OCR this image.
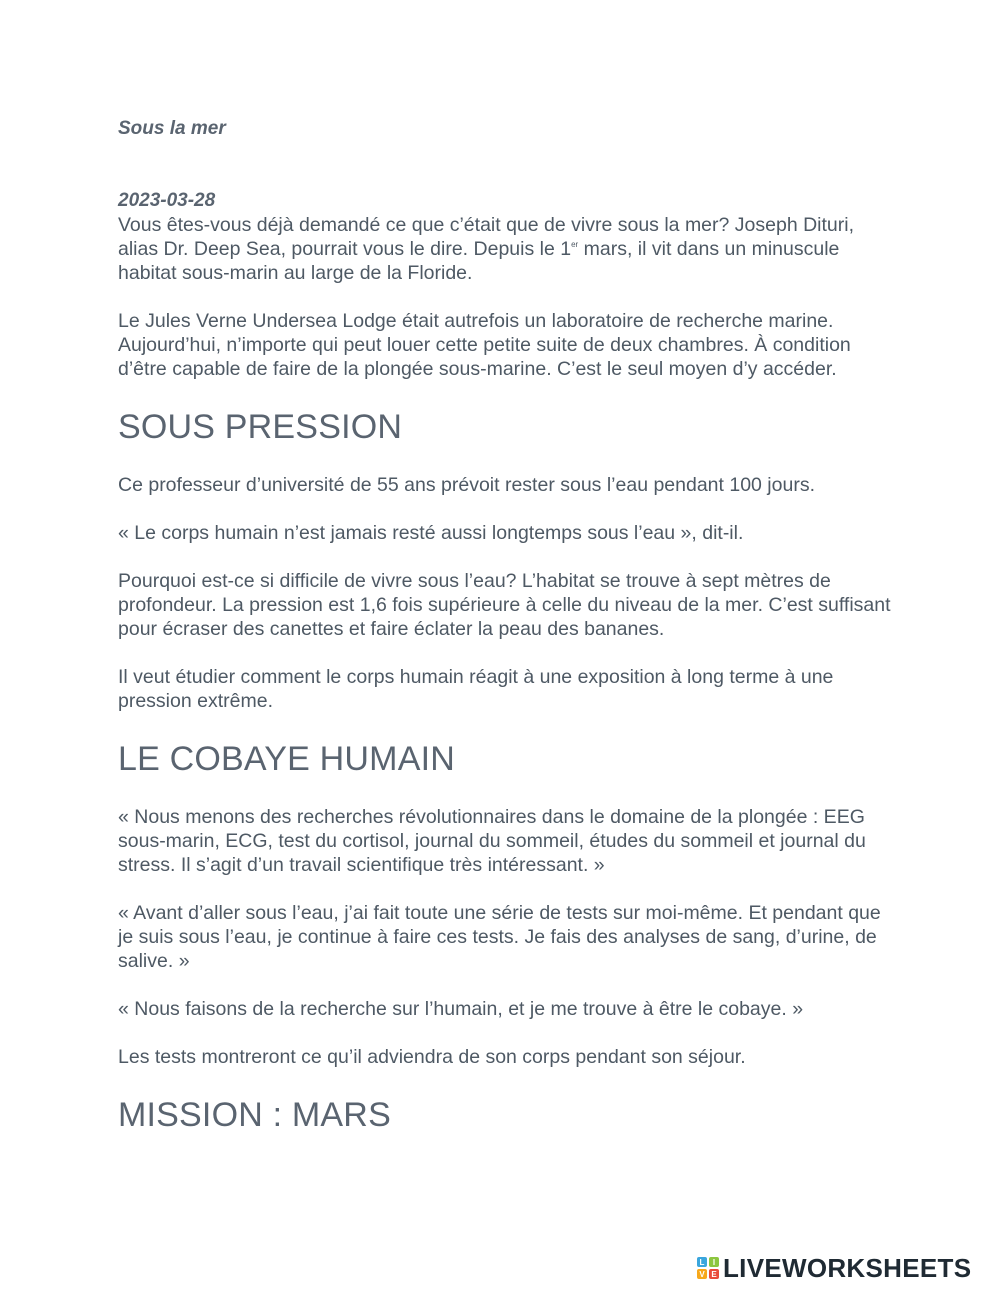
Sous la mer
2023-03-28

Vous êtes-vous déjà demandé ce que c’était que de vivre sous la mer? Joseph Dituri, alias Dr. Deep Sea, pourrait vous le dire. Depuis le 1er mars, il vit dans un minuscule habitat sous-marin au large de la Floride.

Le Jules Verne Undersea Lodge était autrefois un laboratoire de recherche marine. Aujourd’hui, n’importe qui peut louer cette petite suite de deux chambres. À condition d’être capable de faire de la plongée sous-marine. C’est le seul moyen d’y accéder.

SOUS PRESSION

Ce professeur d’université de 55 ans prévoit rester sous l’eau pendant 100 jours.

« Le corps humain n’est jamais resté aussi longtemps sous l’eau », dit-il.

Pourquoi est-ce si difficile de vivre sous l’eau? L’habitat se trouve à sept mètres de profondeur. La pression est 1,6 fois supérieure à celle du niveau de la mer. C’est suffisant pour écraser des canettes et faire éclater la peau des bananes.

Il veut étudier comment le corps humain réagit à une exposition à long terme à une pression extrême.

LE COBAYE HUMAIN

« Nous menons des recherches révolutionnaires dans le domaine de la plongée : EEG sous-marin, ECG, test du cortisol, journal du sommeil, études du sommeil et journal du stress. Il s’agit d’un travail scientifique très intéressant. »

« Avant d’aller sous l’eau, j’ai fait toute une série de tests sur moi-même. Et pendant que je suis sous l’eau, je continue à faire ces tests. Je fais des analyses de sang, d’urine, de salive. »

« Nous faisons de la recherche sur l’humain, et je me trouve à être le cobaye. »

Les tests montreront ce qu’il adviendra de son corps pendant son séjour.

MISSION : MARS
L	I
V E LIVEWORKSHEETS
